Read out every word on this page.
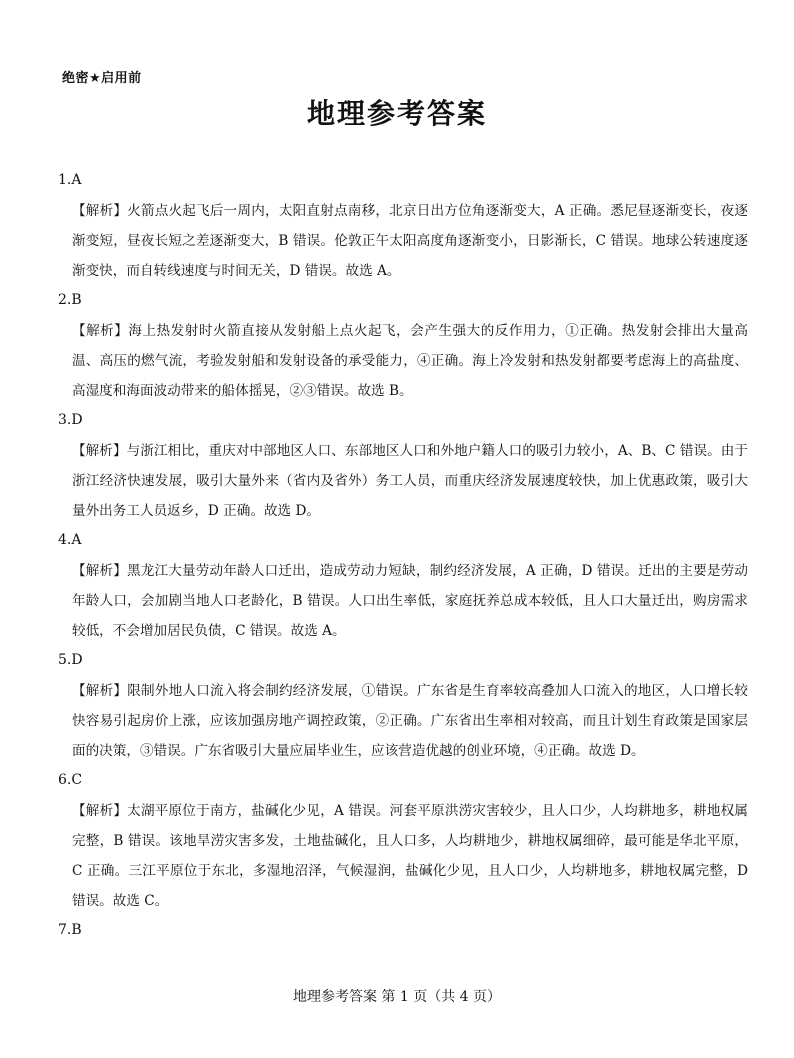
绝密★启用前
地理参考答案
1.A
【解析】火箭点火起飞后一周内，太阳直射点南移，北京日出方位角逐渐变大，A 正确。悉尼昼逐渐变长，夜逐渐变短，昼夜长短之差逐渐变大，B 错误。伦敦正午太阳高度角逐渐变小，日影渐长，C 错误。地球公转速度逐渐变快，而自转线速度与时间无关，D 错误。故选 A。
2.B
【解析】海上热发射时火箭直接从发射船上点火起飞，会产生强大的反作用力，①正确。热发射会排出大量高温、高压的燃气流，考验发射船和发射设备的承受能力，④正确。海上冷发射和热发射都要考虑海上的高盐度、高湿度和海面波动带来的船体摇晃，②③错误。故选 B。
3.D
【解析】与浙江相比，重庆对中部地区人口、东部地区人口和外地户籍人口的吸引力较小，A、B、C 错误。由于浙江经济快速发展，吸引大量外来（省内及省外）务工人员，而重庆经济发展速度较快，加上优惠政策，吸引大量外出务工人员返乡，D 正确。故选 D。
4.A
【解析】黑龙江大量劳动年龄人口迁出，造成劳动力短缺，制约经济发展，A 正确，D 错误。迁出的主要是劳动年龄人口，会加剧当地人口老龄化，B 错误。人口出生率低，家庭抚养总成本较低，且人口大量迁出，购房需求较低，不会增加居民负债，C 错误。故选 A。
5.D
【解析】限制外地人口流入将会制约经济发展，①错误。广东省是生育率较高叠加人口流入的地区，人口增长较快容易引起房价上涨，应该加强房地产调控政策，②正确。广东省出生率相对较高，而且计划生育政策是国家层面的决策，③错误。广东省吸引大量应届毕业生，应该营造优越的创业环境，④正确。故选 D。
6.C
【解析】太湖平原位于南方，盐碱化少见，A 错误。河套平原洪涝灾害较少，且人口少，人均耕地多，耕地权属完整，B 错误。该地旱涝灾害多发，土地盐碱化，且人口多，人均耕地少，耕地权属细碎，最可能是华北平原，C 正确。三江平原位于东北，多湿地沼泽，气候湿润，盐碱化少见，且人口少，人均耕地多，耕地权属完整，D 错误。故选 C。
7.B
地理参考答案 第 1 页（共 4 页）
